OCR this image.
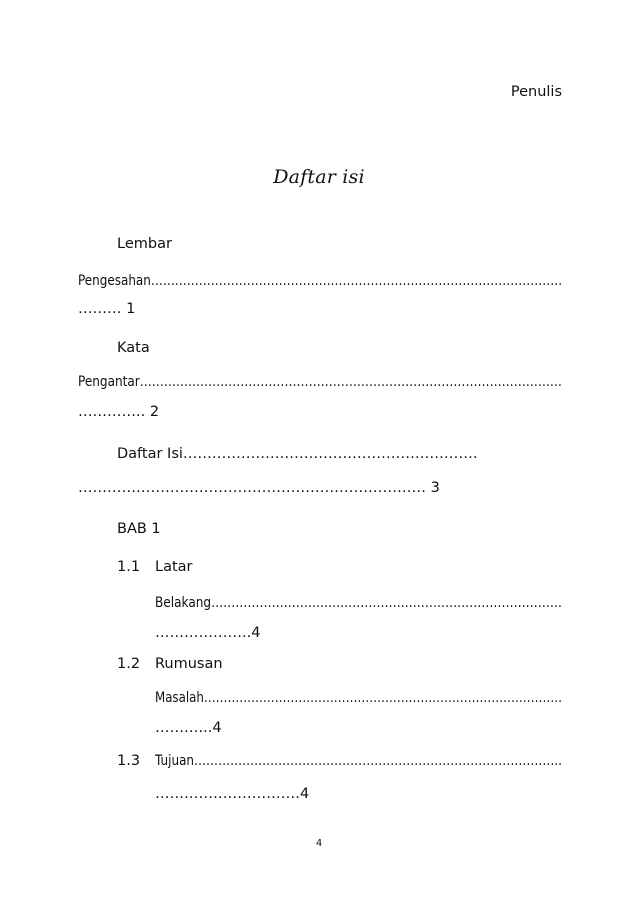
Penulis

Daftar isi

Lembar

Pengesahan………………………………………………………………………………………….

……… 1

Kata

Pengantar……………………………………………………………………………………………

………….. 2

Daftar Isi…………………………………………………….

……………………………………………………………… 3

BAB 1

1.1 Latar

Belakang……………………………………………………………………………

………………..4

1.2 Rumusan

Masalah……………………………………………………………………………….

………...4

1.3 Tujuan………………………………………………………………………………..

…………………………4

4
